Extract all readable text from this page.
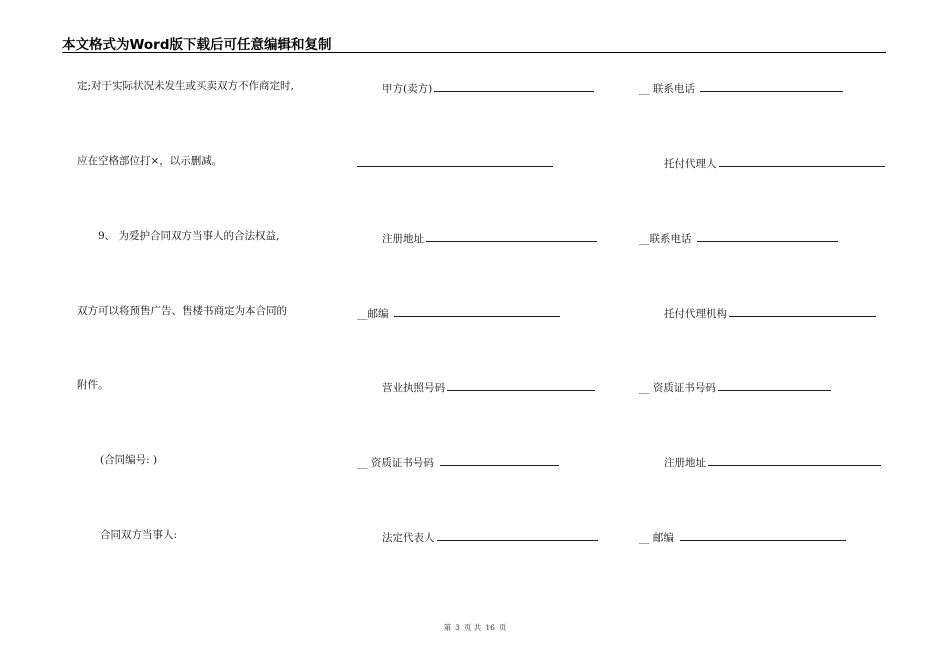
本文格式为Word版下载后可任意编辑和复制
定;对于实际状况未发生或买卖双方不作商定时,
应在空格部位打×，以示删减。
9、 为爱护合同双方当事人的合法权益,
双方可以将预售广告、售楼书商定为本合同的
附件。
(合同编号: )
合同双方当事人:
甲方(卖方)
注册地址
__邮编
营业执照号码
__ 资质证书号码
法定代表人
__ 联系电话
托付代理人
__联系电话
托付代理机构
__ 资质证书号码
注册地址
__ 邮编
第 3 页 共 16 页
